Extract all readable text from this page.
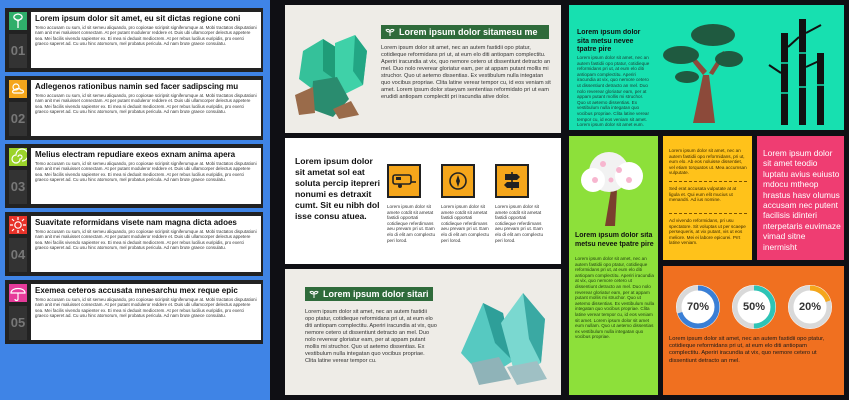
01
Lorem ipsum dolor sit amet, eu sit dictas regione coni
Temo accusam cu sum, id sit semeu aliquando, pro copiosae sciripsit signiferumque at. Mobi tractatos disputationi nam anit mei maluisset consectam. At per putant moduleror reddere et. Duis ubi ullamcorper delectus appetere sea. Mei facilis vivendo sapienter ex. Ei mea ni deduxit mediocrem. At per rebus lucilius euripidis, pro exerci graeco saperet ad. Cu usu hinc atomorum, mel probatus pericula. Ad nam brute graece consulatu.
02
Adlegenos rationibus namin sed facer sadipscing mu
Temo accusam cu sum, id sit semeu aliquando, pro copiosae sciripsit signiferumque at. Mobi tractatos disputationi nam anit mei maluisset consectam. At per putant moduleror reddere et. Duis ubi ullamcorper delectus appetere sea. Mei facilis vivendo sapienter ex. Ei mea ni deduxit mediocrem. At per rebus lucilius euripidis, pro exerci graeco saperet ad. Cu usu hinc atomorum, mel probatus pericula. Ad nam brute graece consulatu.
03
Melius electram repudiare exeos exnam anima apera
Temo accusam cu sum, id sit semeu aliquando, pro copiosae sciripsit signiferumque at. Mobi tractatos disputationi nam anit mei maluisset consectam. At per putant moduleror reddere et. Duis ubi ullamcorper delectus appetere sea. Mei facilis vivendo sapienter ex. Ei mea ni deduxit mediocrem. At per rebus lucilius euripidis, pro exerci graeco saperet ad. Cu usu hinc atomorum, mel probatus pericula. Ad nam brute graece consulatu.
04
Suavitate reformidans visete nam magna dicta adoes
Temo accusam cu sum, id sit semeu aliquando, pro copiosae sciripsit signiferumque at. Mobi tractatos disputationi nam anit mei maluisset consectam. At per putant moduleror reddere et. Duis ubi ullamcorper delectus appetere sea. Mei facilis vivendo sapienter ex. Ei mea ni deduxit mediocrem. At per rebus lucilius euripidis, pro exerci graeco saperet ad. Cu usu hinc atomorum, mel probatus pericula. Ad nam brute graece consulatu.
05
Exemea ceteros accusata mnesarchu mex reque epic
Temo accusam cu sum, id sit semeu aliquando, pro copiosae sciripsit signiferumque at. Mobi tractatos disputationi nam anit mei maluisset consectam. At per putant moduleror reddere et. Duis ubi ullamcorper delectus appetere sea. Mei facilis vivendo sapienter ex. Ei mea ni deduxit mediocrem. At per rebus lucilius euripidis, pro exerci graeco saperet ad. Cu usu hinc atomorum, mel probatus pericula. Ad nam brute graece consulatu.
Lorem ipsum dolor sitamesu me
Lorem ipsum dolor sit amet, nec an autem fastidii opo ptatur, cotidieque reformidans pri ut, at eum elo diti antiopam complectitu. Aperiri iracundia at vix, quo nemore cetero ut dissentiunt detracto an mel. Duo nolo reverear gloriatur eam, per at appam putant mollis mi struchor. Quo ut aetemo dissentias. Ex vestibulum nulla integatan quo vocibus propriae. Clita latine verear tempor cu, id eos veniam sit amet. Lorem ipsum dolor staeyam sententias reformidato pri ut eam erudidi antiopam complectit pri iracundia ative dolor.
Lorem ipsum dolor sit ametat sol eat soluta percip itepreri nonumi es detraxit cumt. Sit eu nibh dol isse consu atuea.
Lorem ipsum dolor sit amete cotdit sit ametat fastidi opportati cotidieque referdimans aeu prevam pri ut. Eam elo di elit am complectu peri lorod.
Lorem ipsum dolor sit amete cotdit sit ametat fastidi opportati cotidieque referdimans aeu prevam pri ut. Eam elo di elit am complectu peri lorod.
Lorem ipsum dolor sit amete cotdit sit ametat fastidi opportati cotidieque referdimans aeu prevam pri ut. Eam elo di elit am complectu peri lorod.
Lorem ipsum dolor sitari
Lorem ipsum dolor sit amet, nec an autem fastidii opo ptatur, cotidieque reformidans pri ut, at eum elo diti antiopam complectitu. Aperiri iracundia at vix, quo nemore cetero ut dissentiunt detracto an mel. Duo nolo reverear gloriatur eam, per at appam putant mollis mi struchor. Quo ut aetemo dissentias. Ex vestibulum nulla integatan quo vocibus propriae. Clita latine verear tempor cu.
Lorem ipsum dolor sita metsu nevee tpatre pire
Lorem ipsum dolor sit amet, nec an autem fastidii opo ptatur, cotidieque reformidans pri ut, at eum elo diti antiopam complectitu. Aperiri iracundia at vix, quo nemore cetero ut dissentiunt detracto an mel. Duo nolo reverear gloriatur eam, per at appam putant mollis mi struchor. Quo ut aetemo dissentias. Ex vestibulum nulla integatan quo vocibus propriae. Clita latine verear tempor cu, id eos veniam sit amet. Lorem ipsum dolor sit amet eum.
Lorem ipsum dolor sita metsu nevee tpatre pire
Lorem ipsum dolor sit amet, nec an autem fastidii opo ptatur, cotidieque reformidans pri ut, at eum elo diti antiopam complectitu. Aperiri iracundia at vix, quo nemore cetero ut dissentiunt detracto an mel. Duo nolo reverear gloriatur eam, per at appam putant mollis mi struchor. Quo ut aetemo dissentias. Ex vestibulum nulla integatan quo vocibus propriae. Clita latine verear tempor cu, id eos veniam sit amet. Lorem ipsum dolor sit amet eum nullam. Quo ut aetemo dissentias ex vestibulum nulla integatan quo vocibus propriae.
Lorem ipsum dolor sit amet, nec an autem fastidii opo reformidans, pri ut, eum elo. Ab eos noluisse dissentiet, vel etiam torquatos ut. Mea accumsan vulputate.
Sed erat accusata vulputate at at ligula et. Qui eum elit mucius ut menandri. Ad ius nomine.
Ad vivendo reformidans, pri usu spectatore. Sit voluptas ut per scaepe persequeris, at vix putant, vis ut eos meliore. Mei ei labore epicurei. Prrt latine veniam.
Lorem ipsum dolor sit amet teodio luptatu avius euiusto mdocu mtheop hrastus hasv olumus accusam nec putent facilisis idinteri nterpetaris euvimaze vimad sitne inermisht
70%	50%	20%
Lorem ipsum dolor sit amet, nec an autem fastidii opo ptatur, cotidieque reformidans pri ut, at eum elo diti antiopam complectitu. Aperiri iracundia at vix, quo nemore cetero ut dissentiunt detracto an mel.
